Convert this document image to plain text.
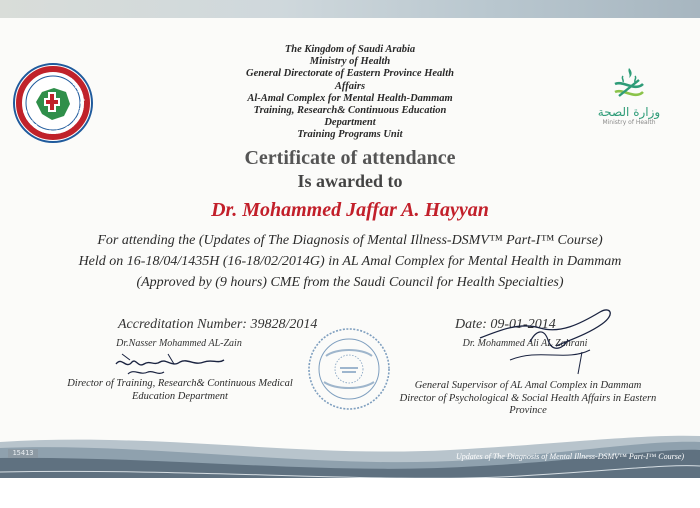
The Kingdom of Saudi Arabia
Ministry of Health
General Directorate of Eastern Province Health
Affairs
Al-Amal Complex for Mental Health-Dammam
Training, Research& Continuous Education
Department
Training Programs Unit
Saudi Commission For Health Specialties
وزارة الصحة
Ministry of Health
Certificate of attendance
Is awarded to
Dr. Mohammed Jaffar A. Hayyan
For attending the (Updates of The Diagnosis of Mental Illness-DSMV™ Part-I™ Course)
Held on 16-18/04/1435H (16-18/02/2014G) in AL Amal Complex for Mental Health in Dammam
(Approved by (9 hours) CME from the Saudi Council for Health Specialties)
Accreditation Number: 39828/2014	Date: 09-01-2014
Dr.Nasser Mohammed AL-Zain	Dr. Mohammed Ali AL Zahrani
Director of Training, Research& Continuous Medical Education Department
General Supervisor of AL Amal Complex in Dammam Director of Psychological & Social Health Affairs in Eastern Province
15413	Updates of The Diagnosis of Mental Illness-DSMV™ Part-I™ Course)
